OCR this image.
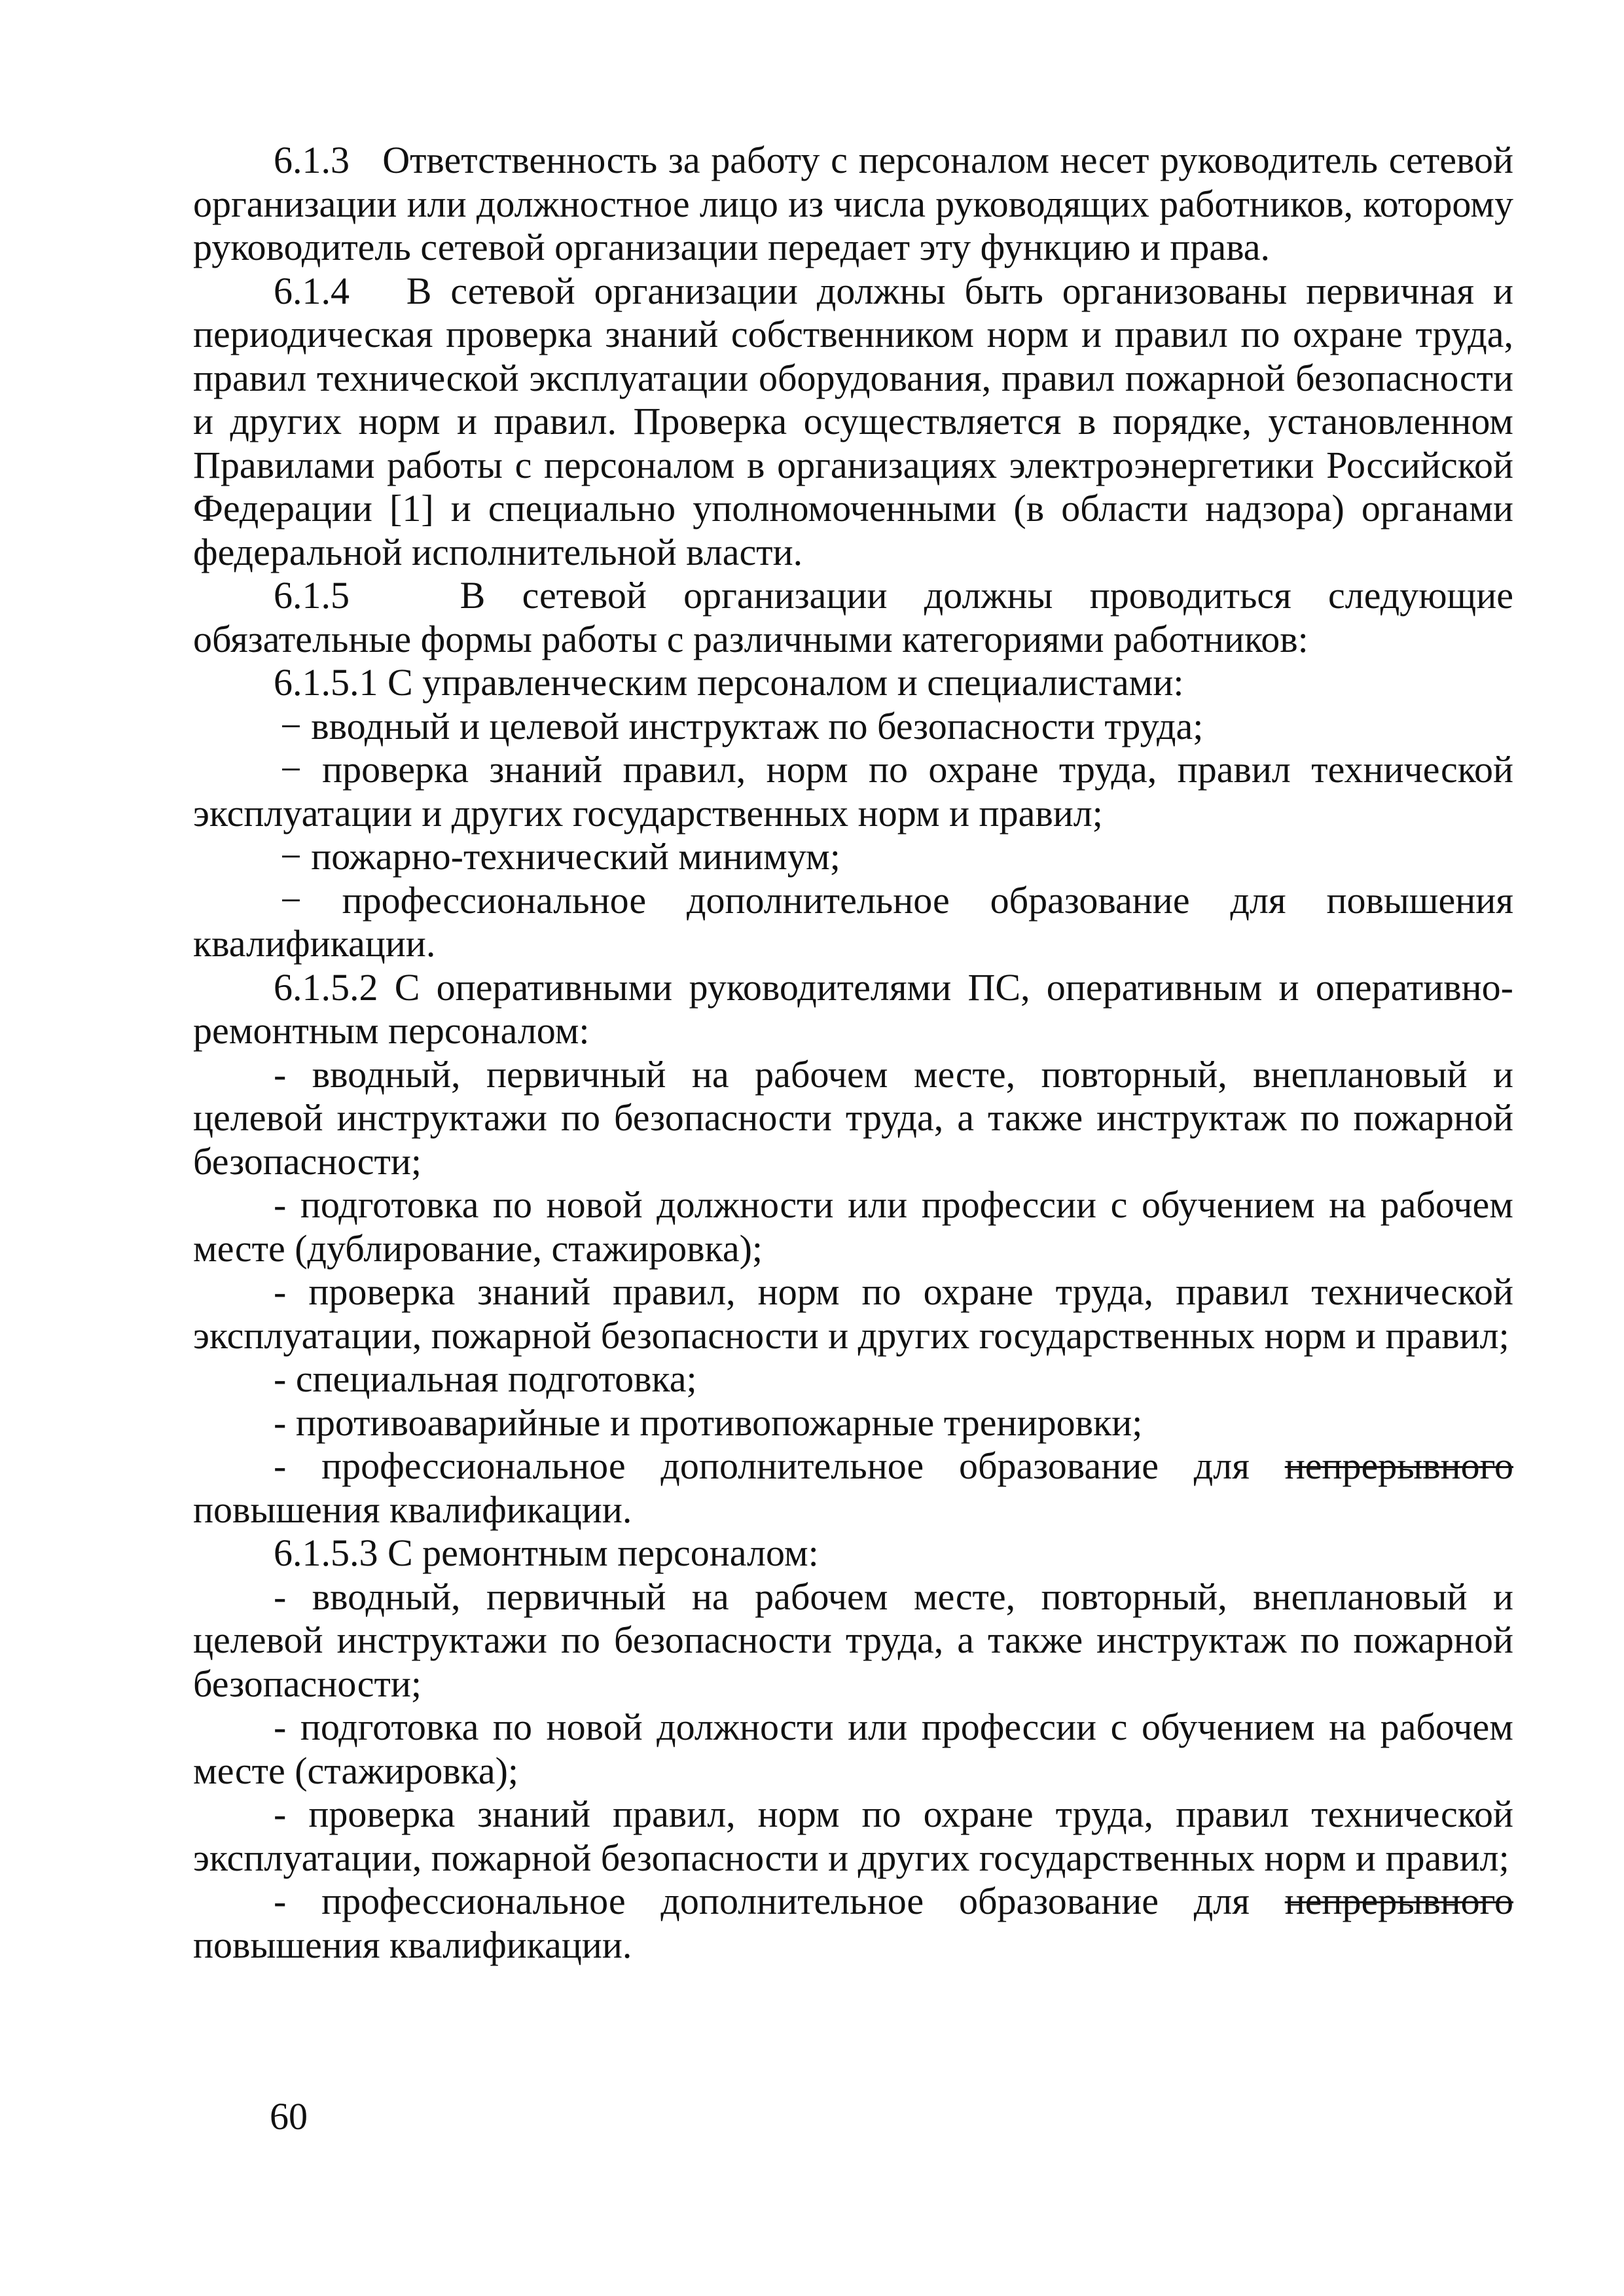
6.1.3 Ответственность за работу с персоналом несет руководитель сетевой организации или должностное лицо из числа руководящих работников, которому руководитель сетевой организации передает эту функцию и права.

6.1.4 В сетевой организации должны быть организованы первичная и периодическая проверка знаний собственником норм и правил по охране труда, правил технической эксплуатации оборудования, правил пожарной безопасности и других норм и правил. Проверка осуществляется в порядке, установленном Правилами работы с персоналом в организациях электроэнергетики Российской Федерации [1] и специально уполномоченными (в области надзора) органами федеральной исполнительной власти.

6.1.5	В сетевой организации должны проводиться следующие обязательные формы работы с различными категориями работников:

6.1.5.1 С управленческим персоналом и специалистами:

− вводный и целевой инструктаж по безопасности труда;

− проверка знаний правил, норм по охране труда, правил технической эксплуатации и других государственных норм и правил;

− пожарно-технический минимум;

− профессиональное дополнительное образование для повышения квалификации.

6.1.5.2 С оперативными руководителями ПС, оперативным и оперативно-ремонтным персоналом:

- вводный, первичный на рабочем месте, повторный, внеплановый и целевой инструктажи по безопасности труда, а также инструктаж по пожарной безопасности;

- подготовка по новой должности или профессии с обучением на рабочем месте (дублирование, стажировка);

- проверка знаний правил, норм по охране труда, правил технической эксплуатации, пожарной безопасности и других государственных норм и правил;

- специальная подготовка;

- противоаварийные и противопожарные тренировки;

- профессиональное дополнительное образование для непрерывного повышения квалификации.

6.1.5.3 С ремонтным персоналом:

- вводный, первичный на рабочем месте, повторный, внеплановый и целевой инструктажи по безопасности труда, а также инструктаж по пожарной безопасности;

- подготовка по новой должности или профессии с обучением на рабочем месте (стажировка);

- проверка знаний правил, норм по охране труда, правил технической эксплуатации, пожарной безопасности и других государственных норм и правил;

- профессиональное дополнительное образование для непрерывного повышения квалификации.

60
